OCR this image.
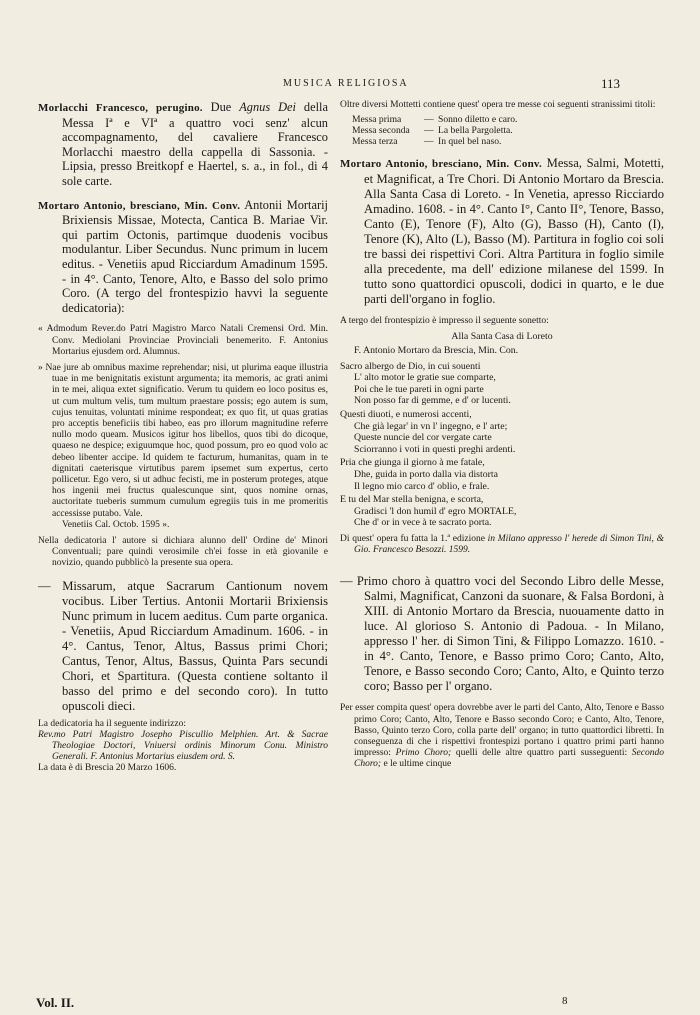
MUSICA RELIGIOSA	113

Morlacchi Francesco, perugino. Due Agnus Dei della Messa Iª e VIª a quattro voci senz' alcun accompagnamento, del cavaliere Francesco Morlacchi maestro della cappella di Sassonia. - Lipsia, presso Breitkopf e Haertel, s. a., in fol., di 4 sole carte.

Mortaro Antonio, bresciano, Min. Conv. Antonii Mortarij Brixiensis Missae, Motecta, Cantica B. Mariae Vir. qui partim Octonis, partimque duodenis vocibus modulantur. Liber Secundus. Nunc primum in lucem editus. - Venetiis apud Ricciardum Amadinum 1595. - in 4°. Canto, Tenore, Alto, e Basso del solo primo Coro. (A tergo del frontespizio havvi la seguente dedicatoria):

« Admodum Rever.do Patri Magistro Marco Natali Cremensi Ord. Min. Conv. Mediolani Provinciae Provinciali benemerito. F. Antonius Mortarius ejusdem ord. Alumnus.

» Nae jure ab omnibus maxime reprehendar; nisi, ut plurima eaque illustria tuae in me benignitatis existunt argumenta; ita memoris, ac grati animi in te mei, aliqua extet significatio. Verum tu quidem eo loco positus es, ut cum multum velis, tum multum praestare possis; ego autem is sum, cujus tenuitas, voluntati minime respondeat; ex quo fit, ut quas gratias pro acceptis beneficiis tibi habeo, eas pro illorum magnitudine referre nullo modo queam. Musicos igitur hos libellos, quos tibi do dicoque, quaeso ne despice; exiguumque hoc, quod possum, pro eo quod volo ac debeo libenter accipe. Id quidem te facturum, humanitas, quam in te dignitati caeterisque virtutibus parem ipsemet sum expertus, certo pollicetur. Ego vero, si ut adhuc fecisti, me in posterum proteges, atque hos ingenii mei fructus qualescunque sint, quos nomine ornas, auctoritate tueberis summum cumulum egregiis tuis in me promeritis accessisse putabo. Vale.

Venetiis Cal. Octob. 1595 ».

Nella dedicatoria l' autore si dichiara alunno dell' Ordine de' Minori Conventuali; pare quindi verosimile ch'ei fosse in età giovanile e novizio, quando pubblicò la presente sua opera.

— Missarum, atque Sacrarum Cantionum novem vocibus. Liber Tertius. Antonii Mortarii Brixiensis Nunc primum in lucem aeditus. Cum parte organica. - Venetiis, Apud Ricciardum Amadinum. 1606. - in 4°. Cantus, Tenor, Altus, Bassus primi Chori; Cantus, Tenor, Altus, Bassus, Quinta Pars secundi Chori, et Spartitura. (Questa contiene soltanto il basso del primo e del secondo coro). In tutto opuscoli dieci.

La dedicatoria ha il seguente indirizzo:

Rev.mo Patri Magistro Josepho Piscullio Melphien. Art. & Sacrae Theologiae Doctori, Vniuersi ordinis Minorum Conu. Ministro Generali. F. Antonius Mortarius eiusdem ord. S.

La data è di Brescia 20 Marzo 1606.

Oltre diversi Mottetti contiene quest' opera tre messe coi seguenti stranissimi titoli:

Messa prima	— Sonno diletto e caro.
Messa seconda	— La bella Pargoletta.
Messa terza	— In quel bel naso.

Mortaro Antonio, bresciano, Min. Conv. Messa, Salmi, Motetti, et Magnificat, a Tre Chori. Di Antonio Mortaro da Brescia. Alla Santa Casa di Loreto. - In Venetia, apresso Ricciardo Amadino. 1608. - in 4°. Canto I°, Canto II°, Tenore, Basso, Canto (E), Tenore (F), Alto (G), Basso (H), Canto (I), Tenore (K), Alto (L), Basso (M). Partitura in foglio coi soli tre bassi dei rispettivi Cori. Altra Partitura in foglio simile alla precedente, ma dell' edizione milanese del 1599. In tutto sono quattordici opuscoli, dodici in quarto, e le due parti dell'organo in foglio.

A tergo del frontespizio è impresso il seguente sonetto:

Alla Santa Casa di Loreto

F. Antonio Mortaro da Brescia, Min. Con.

Sacro albergo de Dio, in cui souenti
L' alto motor le gratie sue comparte,
Poi che le tue pareti in ogni parte
Non posso far di gemme, e d' or lucenti.
Questi diuoti, e numerosi accenti,
Che già legar' in vn l' ingegno, e l' arte;
Queste nuncie del cor vergate carte
Sciorranno i voti in questi preghi ardenti.
Pria che giunga il giorno à me fatale,
Dhe, guida in porto dalla via distorta
Il legno mio carco d' oblio, e frale.
E tu del Mar stella benigna, e scorta,
Gradisci 'l don humil d' egro MORTALE,
Che d' or in vece à te sacrato porta.

Di quest' opera fu fatta la 1.ª edizione in Milano appresso l' herede di Simon Tini, & Gio. Francesco Besozzi. 1599.

— Primo choro à quattro voci del Secondo Libro delle Messe, Salmi, Magnificat, Canzoni da suonare, & Falsa Bordoni, à XIII. di Antonio Mortaro da Brescia, nuouamente datto in luce. Al glorioso S. Antonio di Padoua. - In Milano, appresso l' her. di Simon Tini, & Filippo Lomazzo. 1610. - in 4°. Canto, Tenore, e Basso primo Coro; Canto, Alto, Tenore, e Basso secondo Coro; Canto, Alto, e Quinto terzo coro; Basso per l' organo.

Per esser compita quest' opera dovrebbe aver le parti del Canto, Alto, Tenore e Basso primo Coro; Canto, Alto, Tenore e Basso secondo Coro; e Canto, Alto, Tenore, Basso, Quinto terzo Coro, colla parte dell' organo; in tutto quattordici libretti. In conseguenza di che i rispettivi frontespizi portano i quattro primi parti hanno impresso: Primo Choro; quelli delle altre quattro parti susseguenti: Secondo Choro; e le ultime cinque

Vol. II.	8
